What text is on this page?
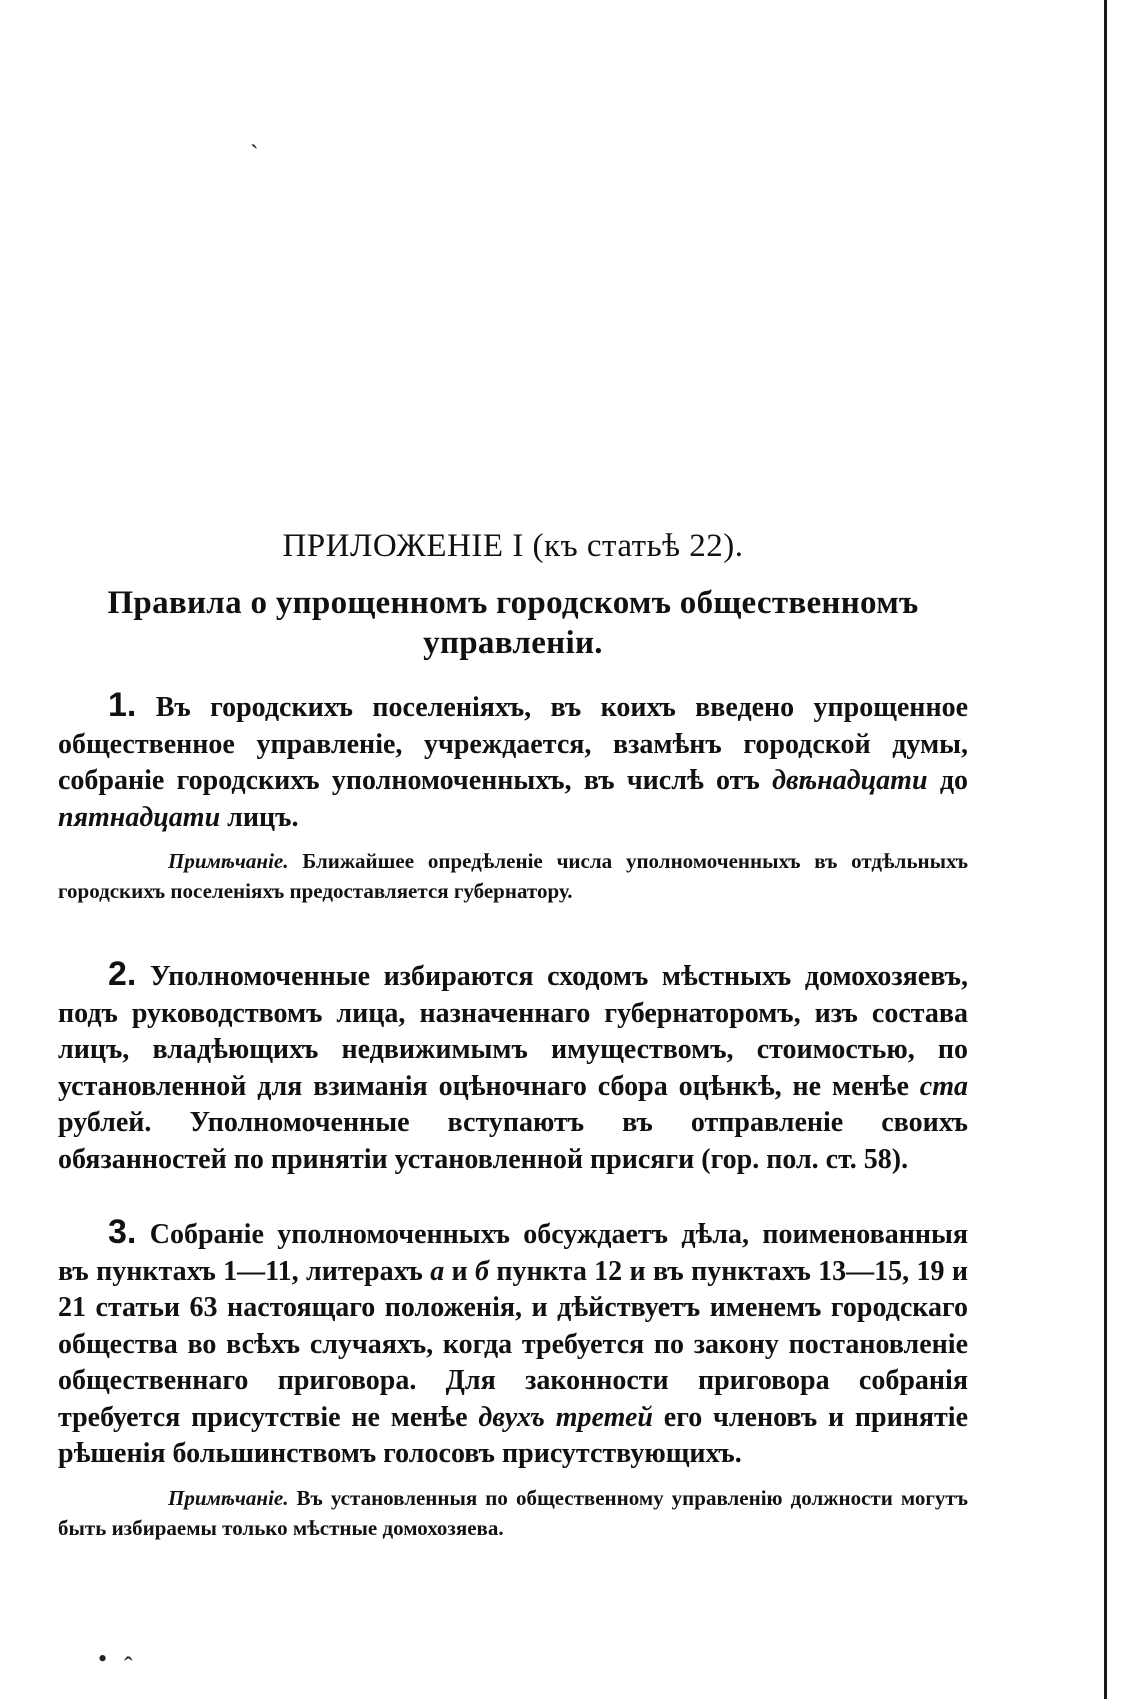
`
• ˆ
ПРИЛОЖЕНІЕ I (къ статьѣ 22).
Правила о упрощенномъ городскомъ общественномъ управленіи.

1. Въ городскихъ поселеніяхъ, въ коихъ введено упрощенное общественное управленіе, учреждается, взамѣнъ городской думы, собраніе городскихъ уполномоченныхъ, въ числѣ отъ двѣнадцати до пятнадцати лицъ.

Примѣчаніе. Ближайшее опредѣленіе числа уполномоченныхъ въ отдѣльныхъ городскихъ поселеніяхъ предоставляется губернатору.

2. Уполномоченные избираются сходомъ мѣстныхъ домохозяевъ, подъ руководствомъ лица, назначеннаго губернаторомъ, изъ состава лицъ, владѣющихъ недвижимымъ имуществомъ, стоимостью, по установленной для взиманія оцѣночнаго сбора оцѣнкѣ, не менѣе ста рублей. Уполномоченные вступаютъ въ отправленіе своихъ обязанностей по принятіи установленной присяги (гор. пол. ст. 58).

3. Собраніе уполномоченныхъ обсуждаетъ дѣла, поименованныя въ пунктахъ 1—11, литерахъ а и б пункта 12 и въ пунктахъ 13—15, 19 и 21 статьи 63 настоящаго положенія, и дѣйствуетъ именемъ городскаго общества во всѣхъ случаяхъ, когда требуется по закону постановленіе общественнаго приговора. Для законности приговора собранія требуется присутствіе не менѣе двухъ третей его членовъ и принятіе рѣшенія большинствомъ голосовъ присутствующихъ.

Примѣчаніе. Въ установленныя по общественному управленію должности могутъ быть избираемы только мѣстные домохозяева.
